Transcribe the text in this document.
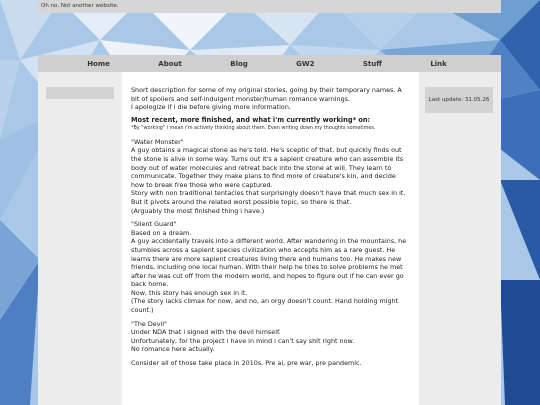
Oh no. Not another website.
Home	About	Blog	GW2	Stuff	Link
Last update: 31.05.26

Short description for some of my original stories, going by their temporary names. A bit of spoilers and self-indulgent monster/human romance warnings.

I apologize if i die before giving more information.

Most recent, more finished, and what i'm currently working* on:

*By "working" i mean i'm actively thinking about them. Even writing down my thoughts sometimes.

"Water Monster"

A guy obtains a magical stone as he's told. He's sceptic of that, but quickly finds out the stone is alive in some way. Turns out it's a sapient creature who can assemble its body out of water molecules and retreat back into the stone at will. They learn to communicate. Together they make plans to find more of creature's kin, and decide how to break free those who were captured.

Story with non traditional tentacles that surprisingly doesn't have that much sex in it. But it pivots around the related worst possible topic, so there is that.

(Arguably the most finished thing i have.)

"Silent Guard"

Based on a dream.

A guy accidentally travels into a different world. After wandering in the mountains, he stumbles across a sapient species civilization who accepts him as a rare guest. He learns there are more sapient creatures living there and humans too. He makes new friends, including one local human. With their help he tries to solve problems he met after he was cut off from the modern world, and hopes to figure out if he can ever go back home.

Now, this story has enough sex in it.

(The story lacks climax for now, and no, an orgy doesn't count. Hand holding might count.)

"The Devil"

Under NDA that i signed with the devil himself.

Unfortunately, for the project i have in mind i can't say shit right now.

No romance here actually.

Consider all of those take place in 2010s. Pre ai, pre war, pre pandemic.
